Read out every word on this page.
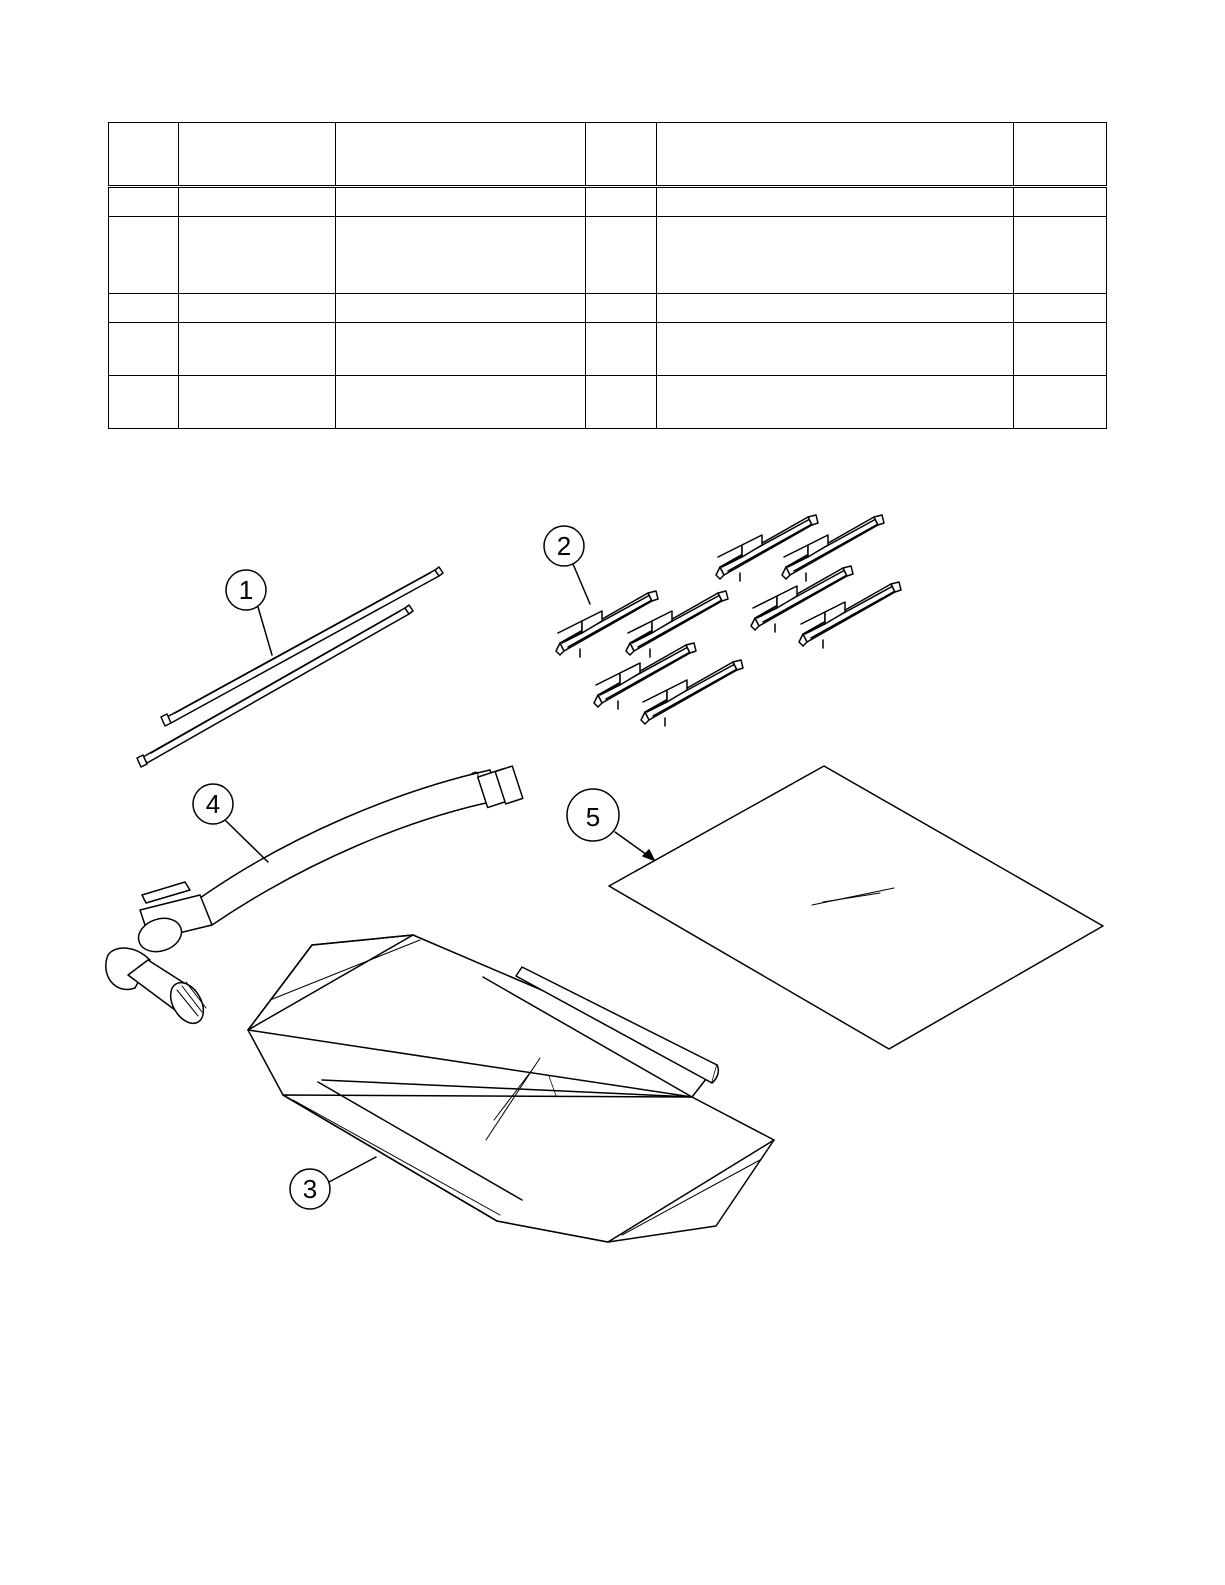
1
2
4	5
3
